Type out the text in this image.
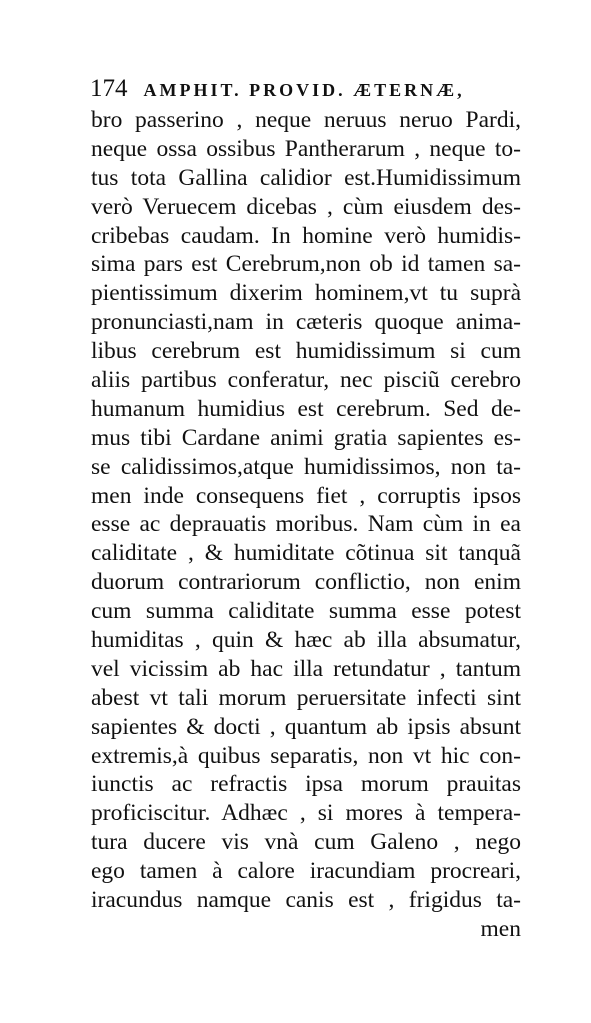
174 AMPHIT. PROVID. ÆTERNÆ,
bro passerino , neque neruus neruo Pardi,
neque ossa ossibus Pantherarum , neque to-
tus tota Gallina calidior est.Humidissimum
verò Veruecem dicebas , cùm eiusdem des-
cribebas caudam. In homine verò humidis-
sima pars est Cerebrum,non ob id tamen sa-
pientissimum dixerim hominem,vt tu suprà
pronunciasti,nam in cæteris quoque anima-
libus cerebrum est humidissimum si cum
aliis partibus conferatur, nec pisciũ cerebro
humanum humidius est cerebrum. Sed de-
mus tibi Cardane animi gratia sapientes es-
se calidissimos,atque humidissimos, non ta-
men inde consequens fiet , corruptis ipsos
esse ac deprauatis moribus. Nam cùm in ea
caliditate , & humiditate cõtinua sit tanquã
duorum contrariorum conflictio, non enim
cum summa caliditate summa esse potest
humiditas , quin & hæc ab illa absumatur,
vel vicissim ab hac illa retundatur , tantum
abest vt tali morum peruersitate infecti sint
sapientes & docti , quantum ab ipsis absunt
extremis,à quibus separatis, non vt hic con-
iunctis ac refractis ipsa morum prauitas
proficiscitur. Adhæc , si mores à tempera-
tura ducere vis vnà cum Galeno , nego
ego tamen à calore iracundiam procreari,
iracundus namque canis est , frigidus ta-
men
